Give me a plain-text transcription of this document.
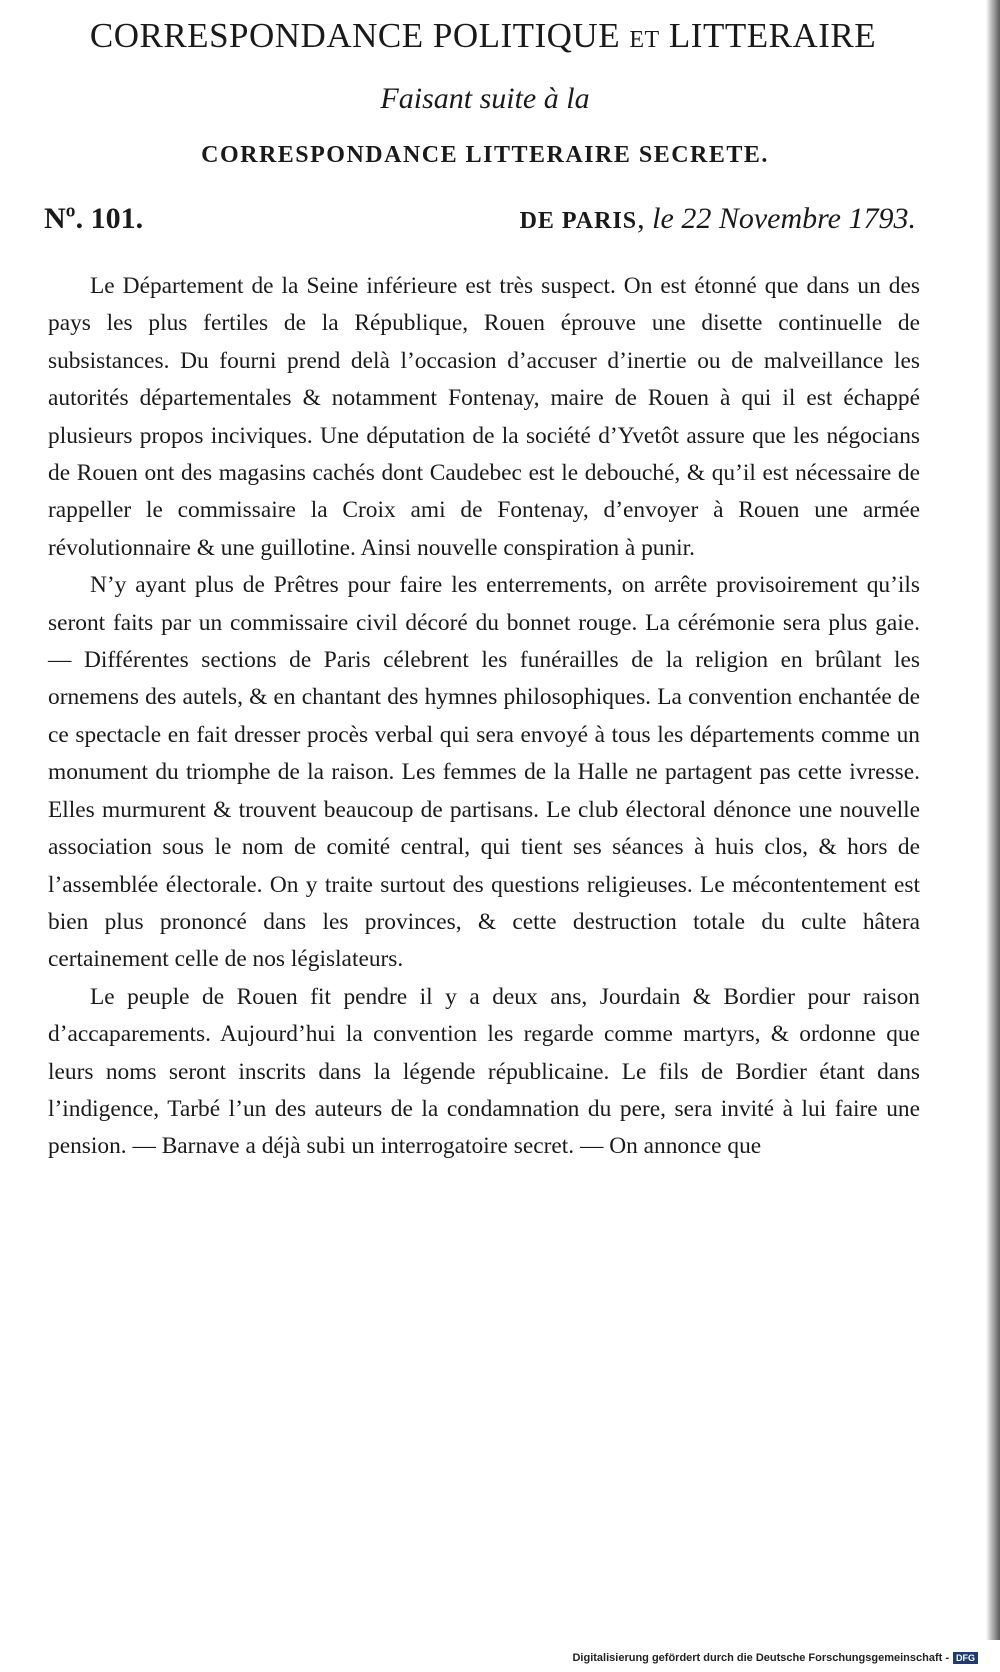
CORRESPONDANCE POLITIQUE ET LITTERAIRE
Faisant suite à la
CORRESPONDANCE LITTERAIRE SECRETE.
Nº. 101.	DE PARIS, le 22 Novembre 1793.

Le Département de la Seine inférieure est très suspect. On est étonné que dans un des pays les plus fertiles de la République, Rouen éprouve une disette continuelle de subsistances. Du fourni prend delà l’occasion d’accuser d’inertie ou de malveillance les autorités départementales & notamment Fontenay, maire de Rouen à qui il est échappé plusieurs propos inciviques. Une députation de la société d’Yvetôt assure que les négocians de Rouen ont des magasins cachés dont Caudebec est le debouché, & qu’il est nécessaire de rappeller le commissaire la Croix ami de Fontenay, d’envoyer à Rouen une armée révolutionnaire & une guillotine. Ainsi nouvelle conspiration à punir.

N’y ayant plus de Prêtres pour faire les enterrements, on arrête provisoirement qu’ils seront faits par un commissaire civil décoré du bonnet rouge. La cérémonie sera plus gaie. — Différentes sections de Paris célebrent les funérailles de la religion en brûlant les ornemens des autels, & en chantant des hymnes philosophiques. La convention enchantée de ce spectacle en fait dresser procès verbal qui sera envoyé à tous les départements comme un monument du triomphe de la raison. Les femmes de la Halle ne partagent pas cette ivresse. Elles murmurent & trouvent beaucoup de partisans. Le club électoral dénonce une nouvelle association sous le nom de comité central, qui tient ses séances à huis clos, & hors de l’assemblée électorale. On y traite surtout des questions religieuses. Le mécontentement est bien plus prononcé dans les provinces, & cette destruction totale du culte hâtera certainement celle de nos législateurs.

Le peuple de Rouen fit pendre il y a deux ans, Jourdain & Bordier pour raison d’accaparements. Aujourd’hui la convention les regarde comme martyrs, & ordonne que leurs noms seront inscrits dans la légende républicaine. Le fils de Bordier étant dans l’indigence, Tarbé l’un des auteurs de la condamnation du pere, sera invité à lui faire une pension. — Barnave a déjà subi un interrogatoire secret. — On annonce que

Digitalisierung gefördert durch die Deutsche Forschungsgemeinschaft - DFG
